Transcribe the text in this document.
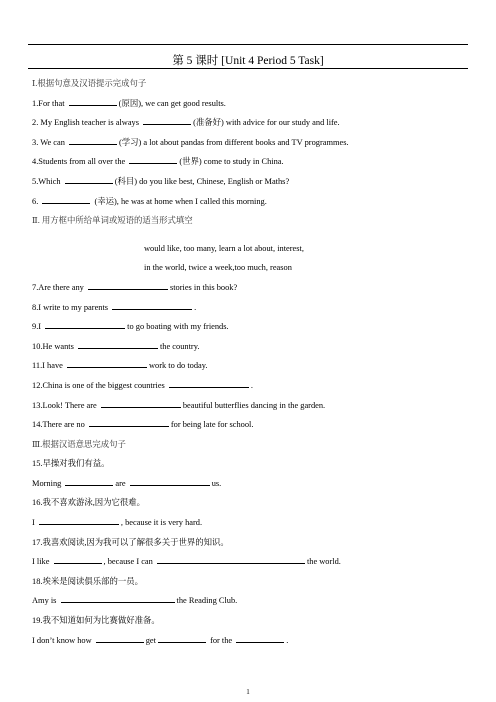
第 5 课时 [Unit 4 Period 5 Task]
Ⅰ.根据句意及汉语提示完成句子
1.For that	(原因), we can get good results.
2. My English teacher is always	(准备好) with advice for our study and life.
3. We can	(学习) a lot about pandas from different books and TV programmes.
4.Students from all over the	(世界) come to study in China.
5.Which	(科目) do you like best, Chinese, English or Maths?
6.	(幸运), he was at home when I called this morning.
Ⅱ. 用方框中所给单词或短语的适当形式填空
would like, too many, learn a lot about, interest,
in the world, twice a week,too much, reason
7.Are there any	stories in this book?
8.I write to my parents	.
9.I	to go boating with my friends.
10.He wants	the country.
11.I have	work to do today.
12.China is one of the biggest countries	.
13.Look! There are	beautiful butterflies dancing in the garden.
14.There are no	for being late for school.
Ⅲ.根据汉语意思完成句子
15.早操对我们有益。
Morning	are	us.
16.我不喜欢游泳,因为它很难。
I	, because it is very hard.
17.我喜欢阅读,因为我可以了解很多关于世界的知识。
I like	, because I can	the world.
18.埃米是阅读俱乐部的一员。
Amy is	the Reading Club.
19.我不知道如何为比赛做好准备。
I don’t know how	get	for the	.
1
